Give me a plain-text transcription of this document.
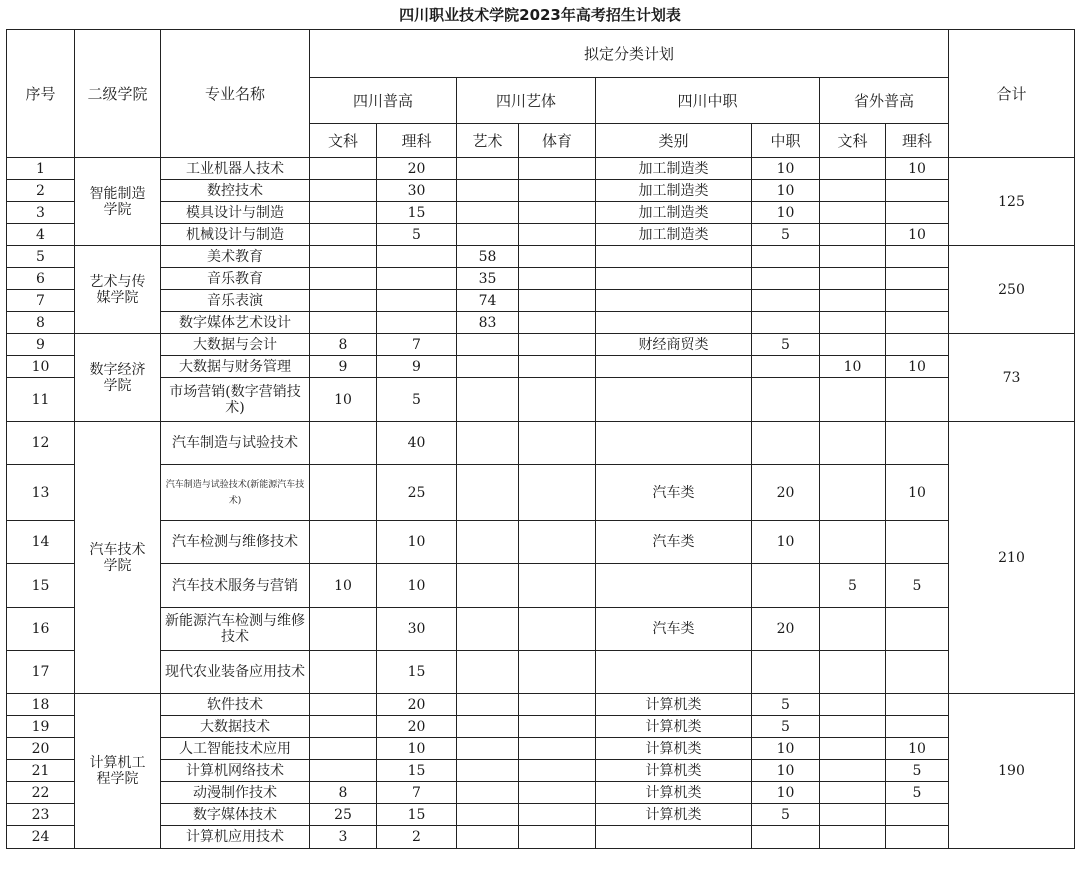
四川职业技术学院2023年高考招生计划表
序号	二级学院	专业名称	拟定分类计划								合计
			四川普高		四川艺体		四川中职		省外普高		
			文科	理科	艺术	体育	类别	中职	文科	理科	
1	智能制造学院	工业机器人技术		20			加工制造类	10		10	125
2		数控技术		30			加工制造类	10			
3		模具设计与制造		15			加工制造类	10			
4		机械设计与制造		5			加工制造类	5		10	
5	艺术与传媒学院	美术教育			58						250
6		音乐教育			35						
7		音乐表演			74						
8		数字媒体艺术设计			83						
9	数字经济学院	大数据与会计	8	7			财经商贸类	5			73
10		大数据与财务管理	9	9					10	10	
11		市场营销(数字营销技术)	10	5							
12	汽车技术学院	汽车制造与试验技术		40							210
13		汽车制造与试验技术(新能源汽车技术)		25			汽车类	20		10	
14		汽车检测与维修技术		10			汽车类	10			
15		汽车技术服务与营销	10	10					5	5	
16		新能源汽车检测与维修技术		30			汽车类	20			
17		现代农业装备应用技术		15							
18	计算机工程学院	软件技术		20			计算机类	5			190
19		大数据技术		20			计算机类	5			
20		人工智能技术应用		10			计算机类	10		10	
21		计算机网络技术		15			计算机类	10		5	
22		动漫制作技术	8	7			计算机类	10		5	
23		数字媒体技术	25	15			计算机类	5			
24		计算机应用技术	3	2							
